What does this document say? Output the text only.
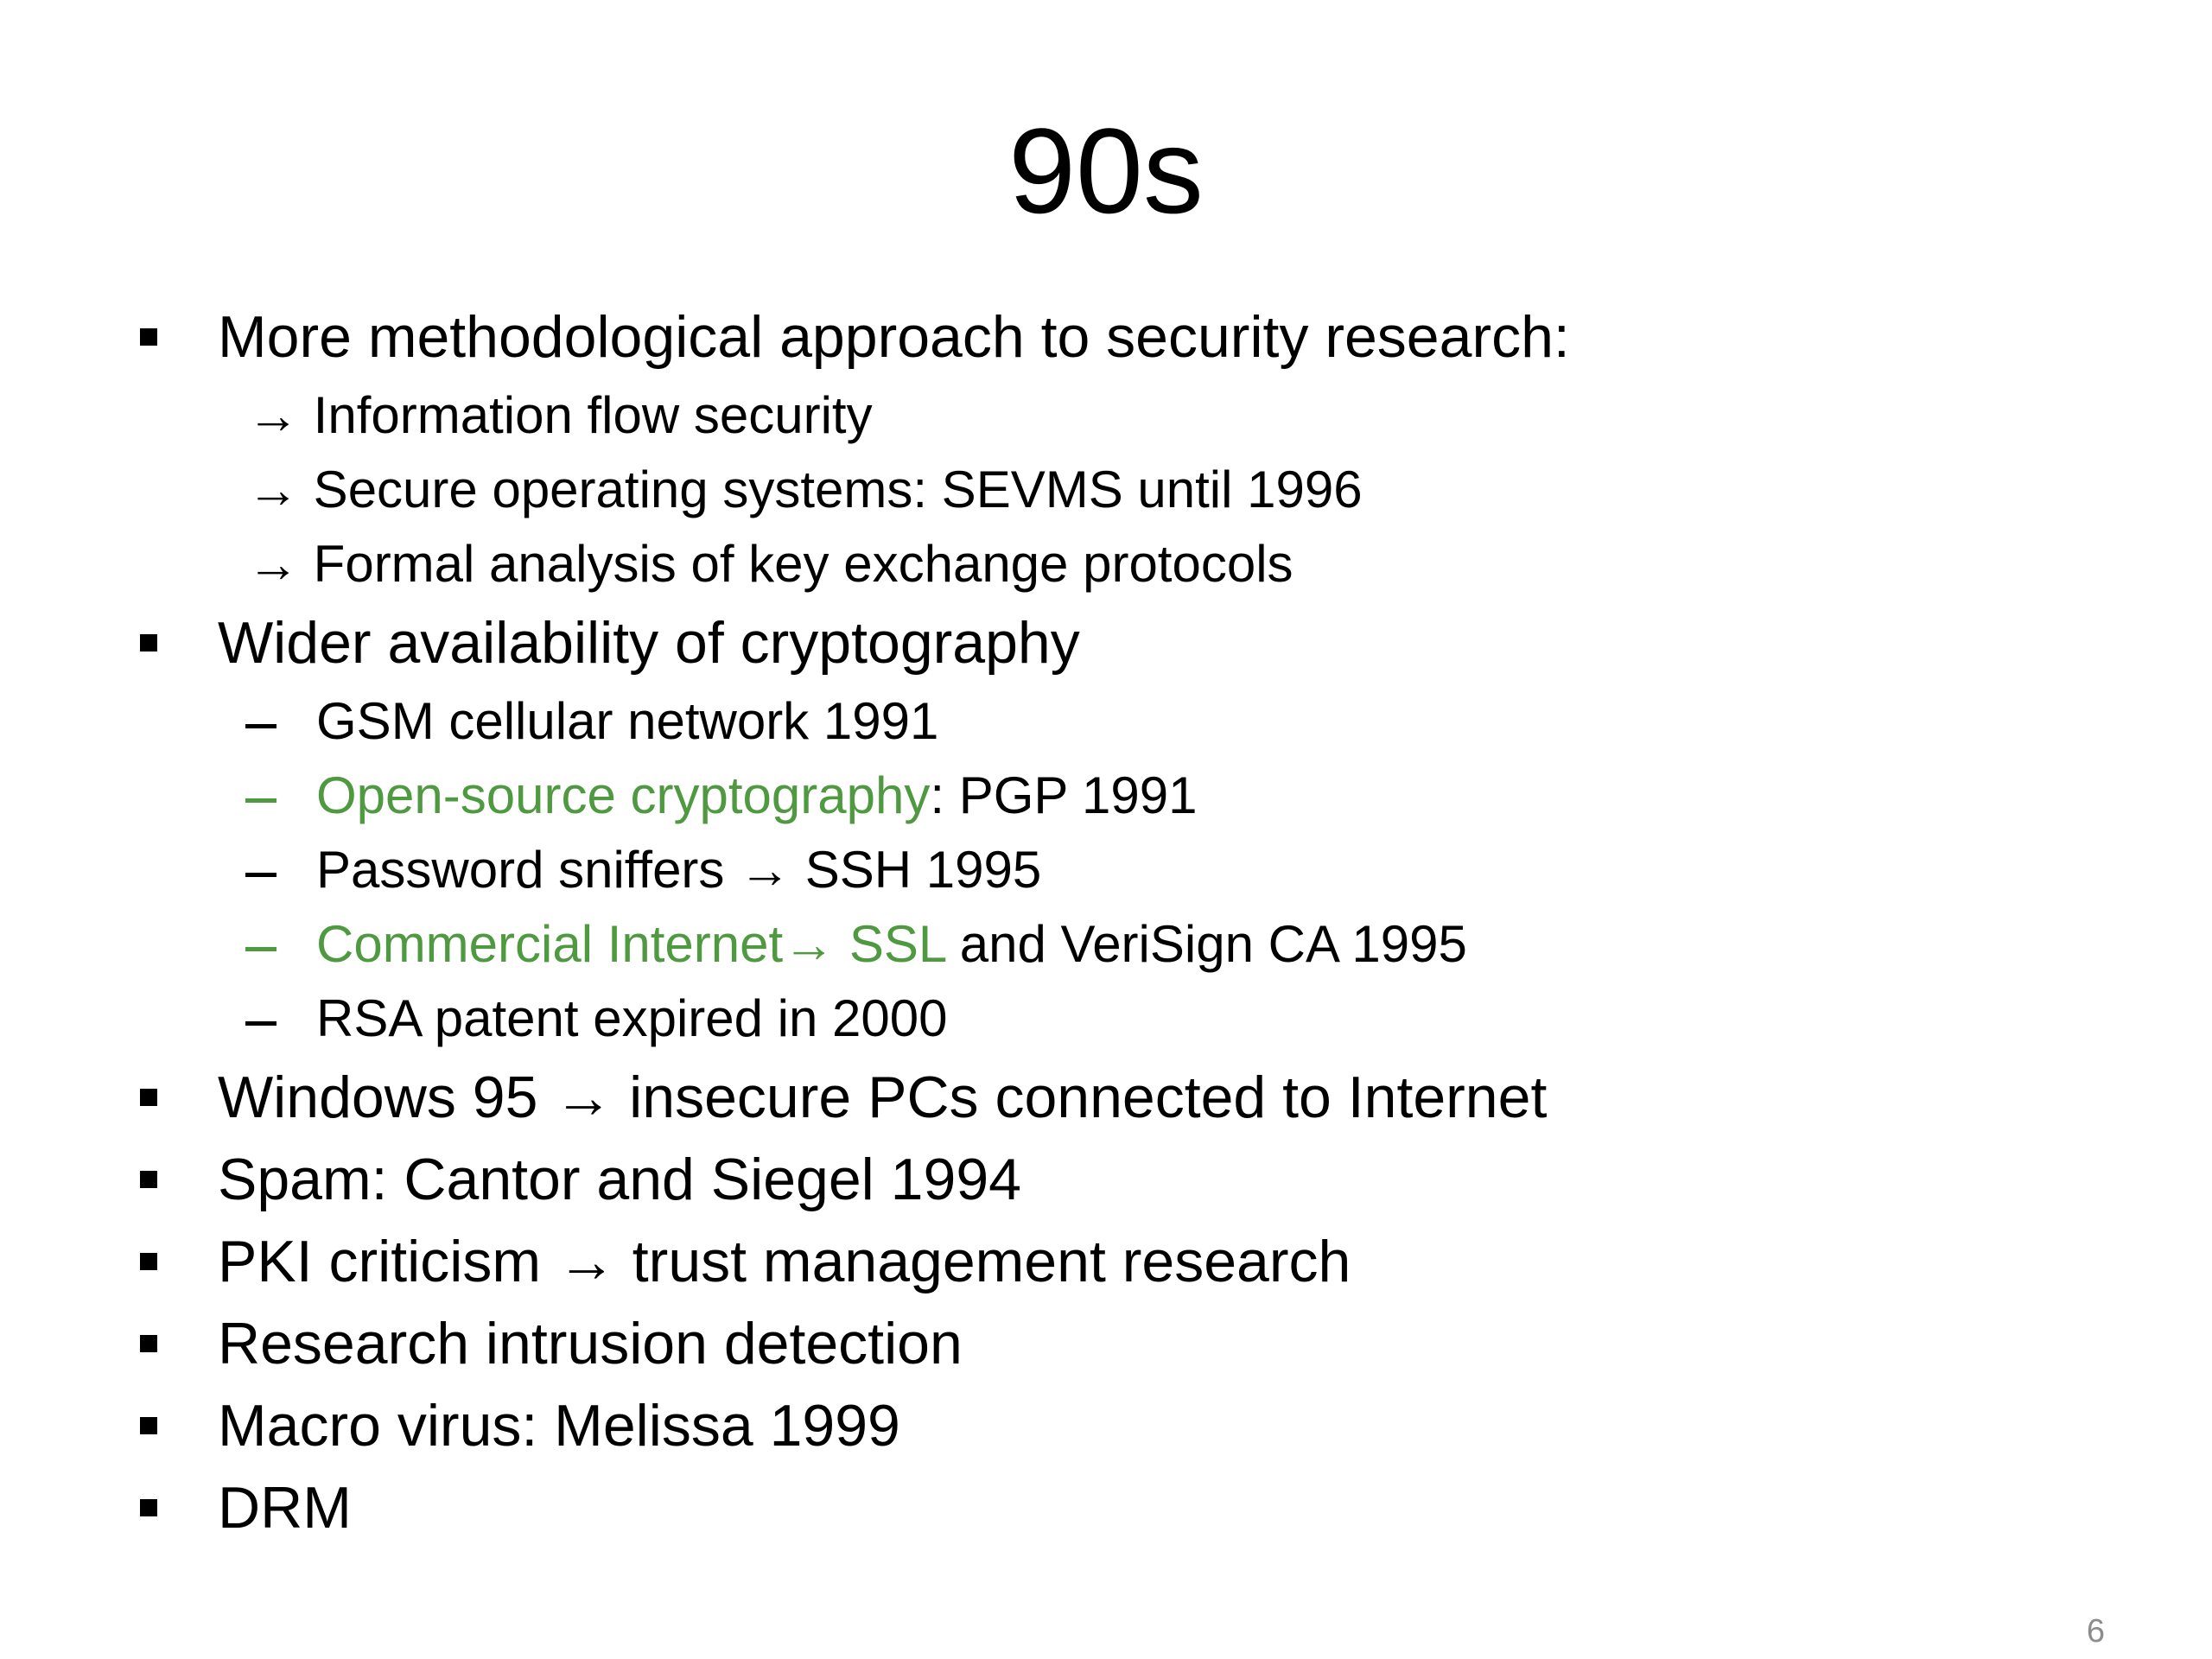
90s
More methodological approach to security research:
→ Information flow security
→ Secure operating systems: SEVMS until 1996
→ Formal analysis of key exchange protocols
Wider availability of cryptography
GSM cellular network 1991
Open-source cryptography: PGP 1991
Password sniffers → SSH 1995
Commercial Internet→ SSL and VeriSign CA 1995
RSA patent expired in 2000
Windows 95 → insecure PCs connected to Internet
Spam: Cantor and Siegel 1994
PKI criticism → trust management research
Research intrusion detection
Macro virus: Melissa 1999
DRM
6
